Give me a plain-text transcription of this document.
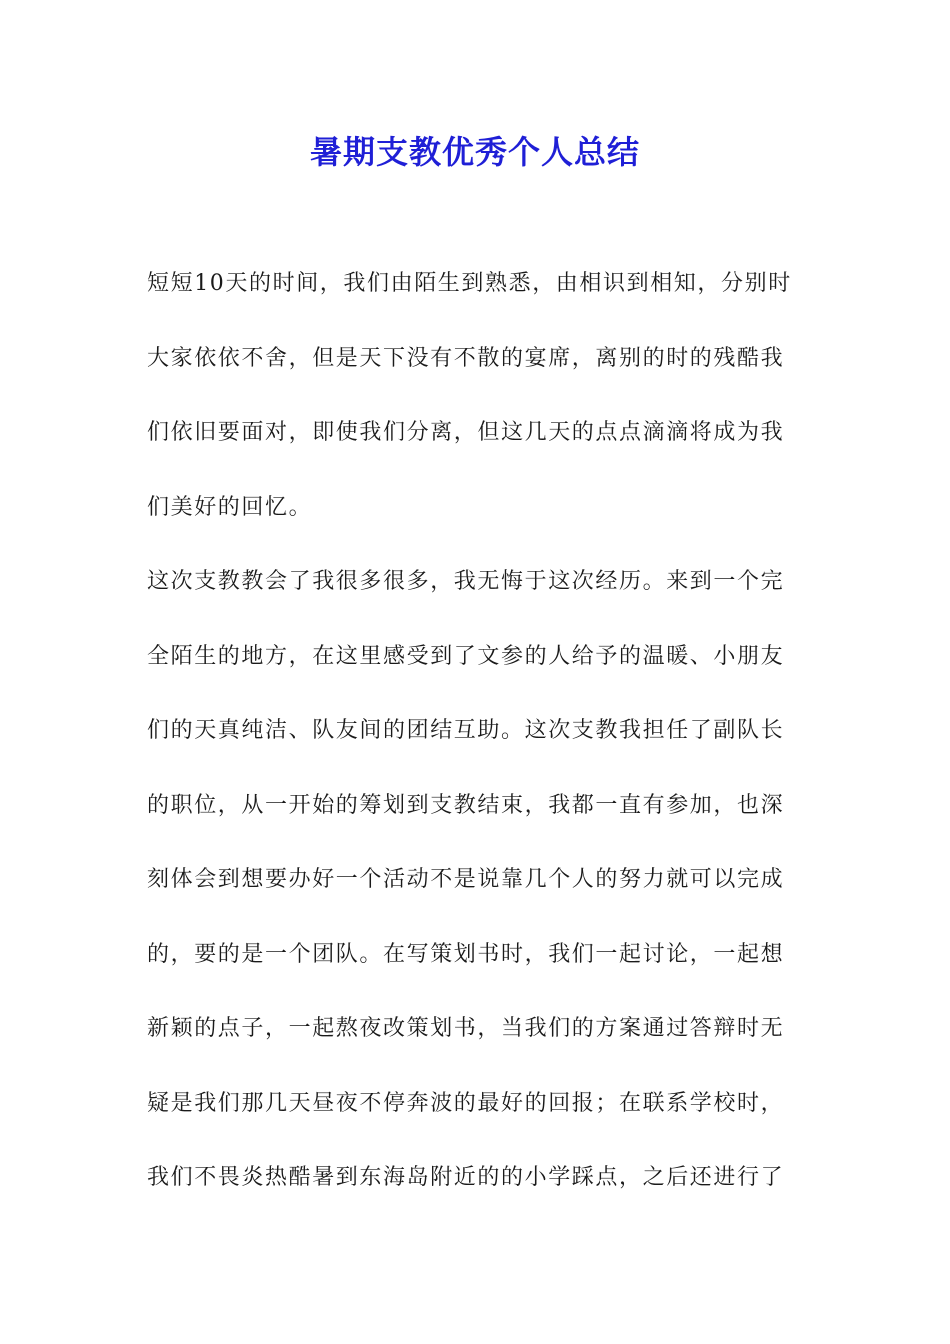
暑期支教优秀个人总结
短短10天的时间，我们由陌生到熟悉，由相识到相知，分别时
大家依依不舍，但是天下没有不散的宴席，离别的时的残酷我
们依旧要面对，即使我们分离，但这几天的点点滴滴将成为我
们美好的回忆。
这次支教教会了我很多很多，我无悔于这次经历。来到一个完
全陌生的地方，在这里感受到了文参的人给予的温暖、小朋友
们的天真纯洁、队友间的团结互助。这次支教我担任了副队长
的职位，从一开始的筹划到支教结束，我都一直有参加，也深
刻体会到想要办好一个活动不是说靠几个人的努力就可以完成
的，要的是一个团队。在写策划书时，我们一起讨论，一起想
新颖的点子，一起熬夜改策划书，当我们的方案通过答辩时无
疑是我们那几天昼夜不停奔波的最好的回报；在联系学校时，
我们不畏炎热酷暑到东海岛附近的的小学踩点，之后还进行了
